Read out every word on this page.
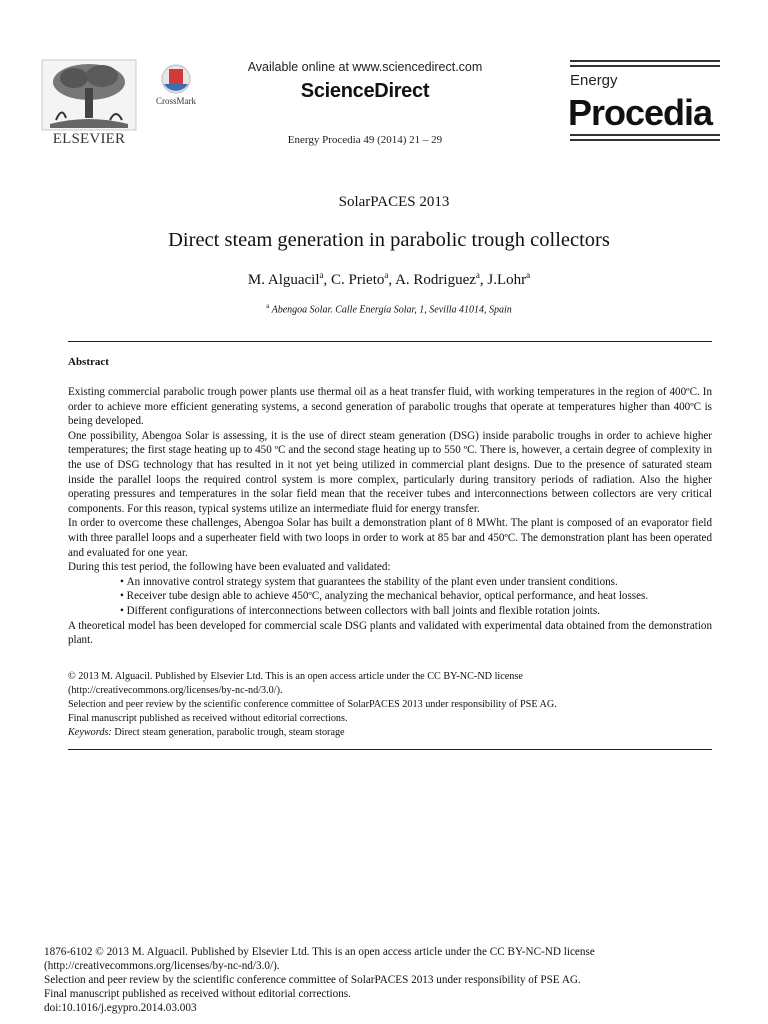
ELSEVIER
CrossMark
Available online at www.sciencedirect.com
ScienceDirect
Energy Procedia 49 (2014) 21 – 29
Energy
Procedia
SolarPACES 2013
Direct steam generation in parabolic trough collectors
M. Alguacil$^a$, C. Prieto$^a$, A. Rodriguez$^a$, J.Lohr$^a$
$^a$ Abengoa Solar. Calle Energía Solar, 1, Sevilla 41014, Spain
Abstract

Existing commercial parabolic trough power plants use thermal oil as a heat transfer fluid, with working temperatures in the region of 400ºC. In order to achieve more efficient generating systems, a second generation of parabolic troughs that operate at temperatures higher than 400ºC is being developed.

One possibility, Abengoa Solar is assessing, it is the use of direct steam generation (DSG) inside parabolic troughs in order to achieve higher temperatures; the first stage heating up to 450 ºC and the second stage heating up to 550 ºC. There is, however, a certain degree of complexity in the use of DSG technology that has resulted in it not yet being utilized in commercial plant designs. Due to the presence of saturated steam inside the parallel loops the required control system is more complex, particularly during transitory periods of radiation. Also the higher operating pressures and temperatures in the solar field mean that the receiver tubes and interconnections between collectors are very critical components. For this reason, typical systems utilize an intermediate fluid for energy transfer.

In order to overcome these challenges, Abengoa Solar has built a demonstration plant of 8 MWht. The plant is composed of an evaporator field with three parallel loops and a superheater field with two loops in order to work at 85 bar and 450ºC. The demonstration plant has been operated and evaluated for one year.

During this test period, the following have been evaluated and validated:

• An innovative control strategy system that guarantees the stability of the plant even under transient conditions.
• Receiver tube design able to achieve 450ºC, analyzing the mechanical behavior, optical performance, and heat losses.
• Different configurations of interconnections between collectors with ball joints and flexible rotation joints.

A theoretical model has been developed for commercial scale DSG plants and validated with experimental data obtained from the demonstration plant.

© 2013 M. Alguacil. Published by Elsevier Ltd. This is an open access article under the CC BY-NC-ND license
(http://creativecommons.org/licenses/by-nc-nd/3.0/).
Selection and peer review by the scientific conference committee of SolarPACES 2013 under responsibility of PSE AG.
Final manuscript published as received without editorial corrections.
Keywords: Direct steam generation, parabolic trough, steam storage
1876-6102 © 2013 M. Alguacil. Published by Elsevier Ltd. This is an open access article under the CC BY-NC-ND license
(http://creativecommons.org/licenses/by-nc-nd/3.0/).
Selection and peer review by the scientific conference committee of SolarPACES 2013 under responsibility of PSE AG.
Final manuscript published as received without editorial corrections.
doi:10.1016/j.egypro.2014.03.003
